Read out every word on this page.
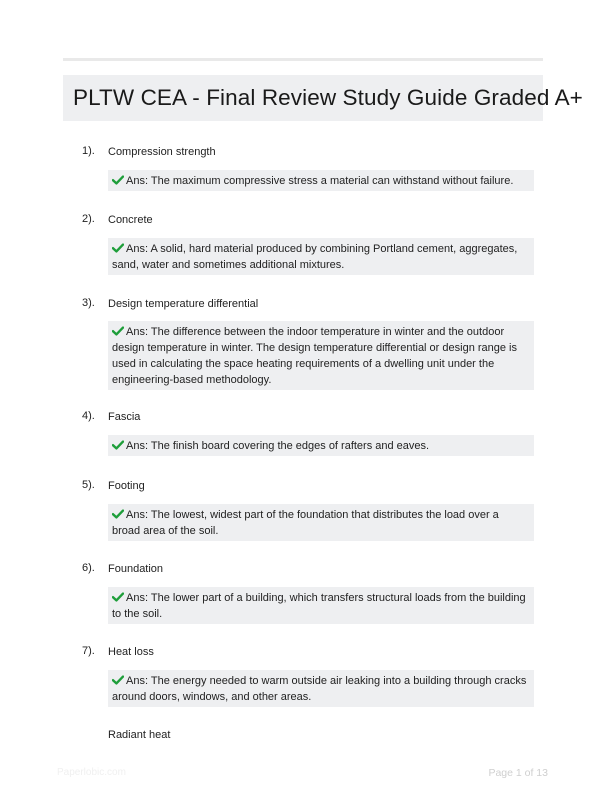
PLTW CEA - Final Review Study Guide Graded A+
1). Compression strength
Ans: The maximum compressive stress a material can withstand without failure.
2). Concrete
Ans: A solid, hard material produced by combining Portland cement, aggregates, sand, water and sometimes additional mixtures.
3). Design temperature differential
Ans: The difference between the indoor temperature in winter and the outdoor design temperature in winter. The design temperature differential or design range is used in calculating the space heating requirements of a dwelling unit under the engineering-based methodology.
4). Fascia
Ans: The finish board covering the edges of rafters and eaves.
5). Footing
Ans: The lowest, widest part of the foundation that distributes the load over a broad area of the soil.
6). Foundation
Ans: The lower part of a building, which transfers structural loads from the building to the soil.
7). Heat loss
Ans: The energy needed to warm outside air leaking into a building through cracks around doors, windows, and other areas.
Radiant heat
Paperlobic.com	Page 1 of 13
